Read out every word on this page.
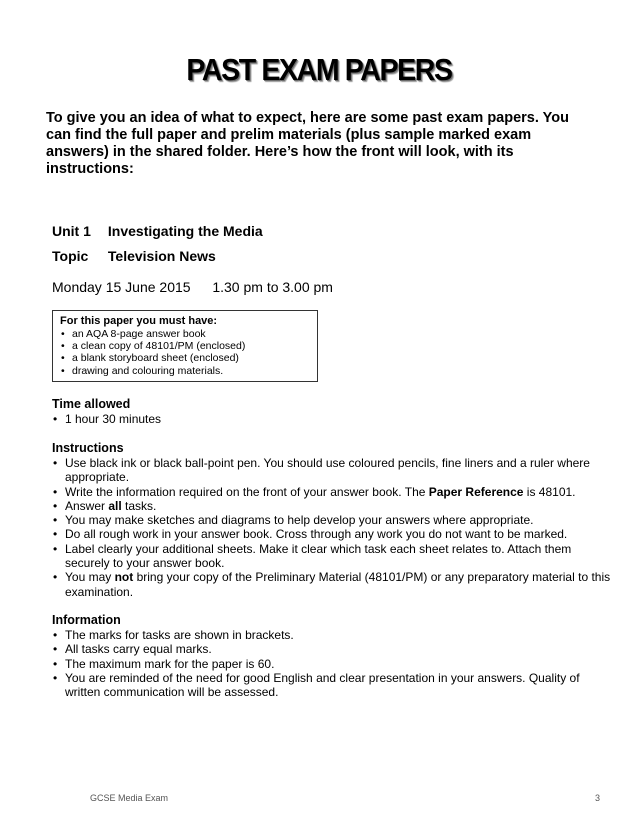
PAST EXAM PAPERS
To give you an idea of what to expect, here are some past exam papers. You can find the full paper and prelim materials (plus sample marked exam answers) in the shared folder. Here’s how the front will look, with its instructions:
Unit 1 Investigating the Media
Topic Television News
Monday 15 June 2015 1.30 pm to 3.00 pm
For this paper you must have:
• an AQA 8-page answer book
• a clean copy of 48101/PM (enclosed)
• a blank storyboard sheet (enclosed)
• drawing and colouring materials.
Time allowed
• 1 hour 30 minutes
Instructions
• Use black ink or black ball-point pen. You should use coloured pencils, fine liners and a ruler where appropriate.
• Write the information required on the front of your answer book. The Paper Reference is 48101.
• Answer all tasks.
• You may make sketches and diagrams to help develop your answers where appropriate.
• Do all rough work in your answer book. Cross through any work you do not want to be marked.
• Label clearly your additional sheets. Make it clear which task each sheet relates to. Attach them securely to your answer book.
• You may not bring your copy of the Preliminary Material (48101/PM) or any preparatory material to this examination.
Information
• The marks for tasks are shown in brackets.
• All tasks carry equal marks.
• The maximum mark for the paper is 60.
• You are reminded of the need for good English and clear presentation in your answers. Quality of written communication will be assessed.
GCSE Media Exam	3
